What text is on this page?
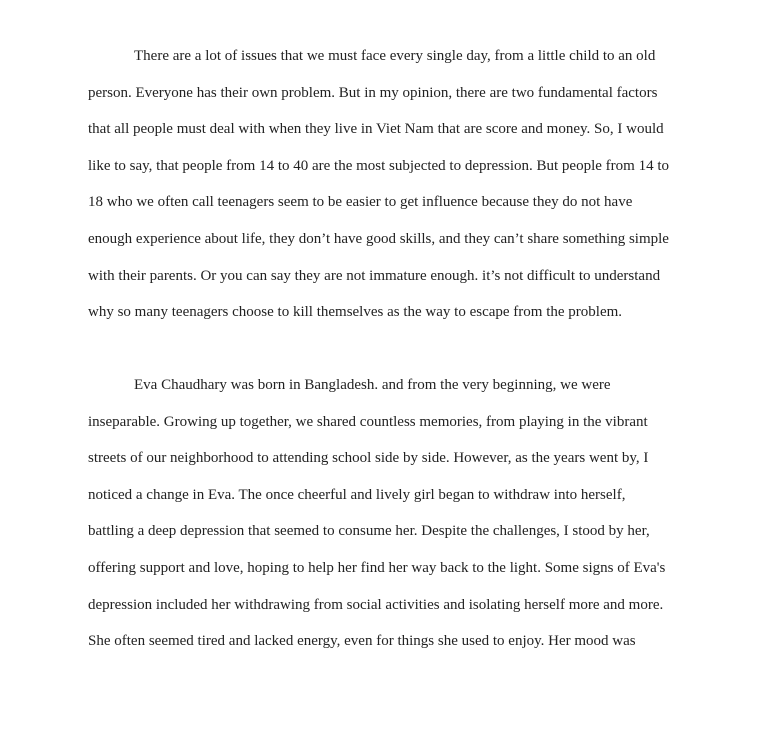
There are a lot of issues that we must face every single day, from a little child to an old
person. Everyone has their own problem. But in my opinion, there are two fundamental factors
that all people must deal with when they live in Viet Nam that are score and money. So, I would
like to say, that people from 14 to 40 are the most subjected to depression. But people from 14 to
18 who we often call teenagers seem to be easier to get influence because they do not have
enough experience about life, they don’t have good skills, and they can’t share something simple
with their parents. Or you can say they are not immature enough. it’s not difficult to understand
why so many teenagers choose to kill themselves as the way to escape from the problem.

Eva Chaudhary was born in Bangladesh. and from the very beginning, we were
inseparable. Growing up together, we shared countless memories, from playing in the vibrant
streets of our neighborhood to attending school side by side. However, as the years went by, I
noticed a change in Eva. The once cheerful and lively girl began to withdraw into herself,
battling a deep depression that seemed to consume her. Despite the challenges, I stood by her,
offering support and love, hoping to help her find her way back to the light. Some signs of Eva's
depression included her withdrawing from social activities and isolating herself more and more.
She often seemed tired and lacked energy, even for things she used to enjoy. Her mood was
